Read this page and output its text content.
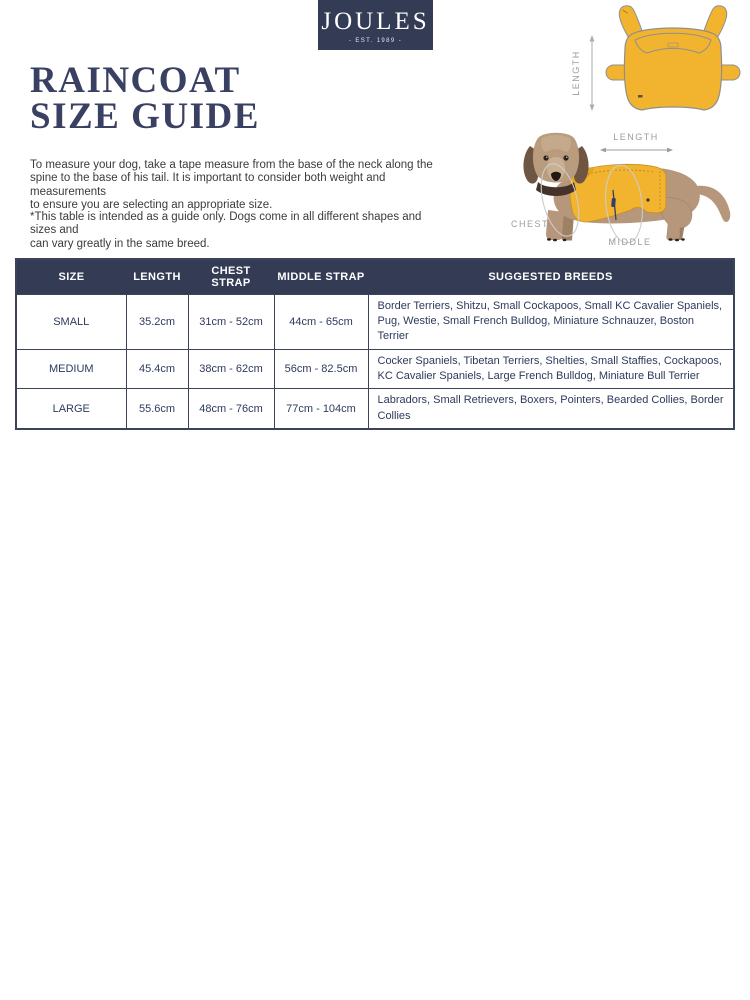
JOULES
- EST. 1989 -
RAINCOAT
SIZE GUIDE
To measure your dog, take a tape measure from the base of the neck along the
spine to the base of his tail. It is important to consider both weight and measurements
to ensure you are selecting an appropriate size.
*This table is intended as a guide only. Dogs come in all different shapes and sizes and
can vary greatly in the same breed.
LENGTH
LENGTH
CHEST
MIDDLE
SIZE	LENGTH	CHEST STRAP	MIDDLE STRAP	SUGGESTED BREEDS
SMALL	35.2cm	31cm - 52cm	44cm - 65cm	Border Terriers, Shitzu, Small Cockapoos, Small KC Cavalier Spaniels, Pug, Westie, Small French Bulldog, Miniature Schnauzer, Boston Terrier
MEDIUM	45.4cm	38cm - 62cm	56cm - 82.5cm	Cocker Spaniels, Tibetan Terriers, Shelties, Small Staffies, Cockapoos, KC Cavalier Spaniels, Large French Bulldog, Miniature Bull Terrier
LARGE	55.6cm	48cm - 76cm	77cm - 104cm	Labradors, Small Retrievers, Boxers, Pointers, Bearded Collies, Border Collies
